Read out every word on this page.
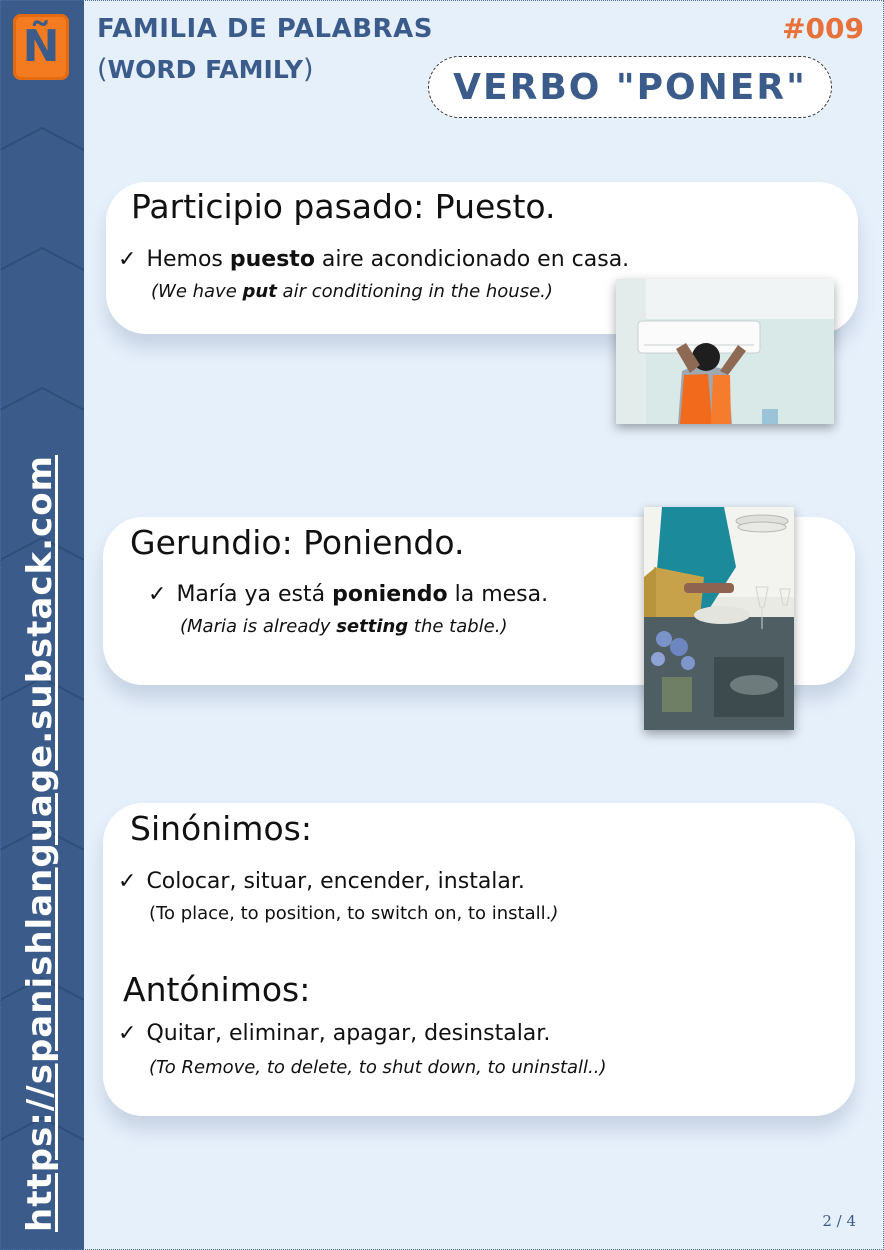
Ñ
https://spanishlanguage.substack.com
FAMILIA DE PALABRAS
(WORD FAMILY)
#009
VERBO "PONER"
Participio pasado: Puesto.
✓ Hemos puesto aire acondicionado en casa.
(We have put air conditioning in the house.)
Gerundio: Poniendo.
✓ María ya está poniendo la mesa.
(Maria is already setting the table.)
Sinónimos:
✓ Colocar, situar, encender, instalar.
(To place, to position, to switch on, to install.)
Antónimos:
✓ Quitar, eliminar, apagar, desinstalar.
(To Remove, to delete, to shut down, to uninstall..)
2 / 4
